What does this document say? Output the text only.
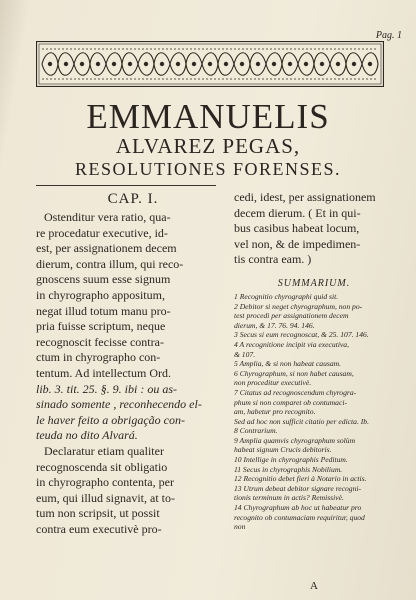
Pag. 1
EMMANUELIS
ALVAREZ PEGAS,
RESOLUTIONES FORENSES.
CAP. I.
Ostenditur vera ratio, qua-
re procedatur executive, id-
est, per assignationem decem
dierum, contra illum, qui reco-
gnoscens suum esse signum
in chyrographo appositum,
negat illud totum manu pro-
pria fuisse scriptum, neque
recognoscit fecisse contra-
ctum in chyrographo con-
tentum. Ad intellectum Ord.
lib. 3. tit. 25. §. 9. ibi : ou as-
sinado somente , reconhecendo el-
le haver feito a obrigação con-
teuda no dito Alvará.
Declaratur etiam qualiter
recognoscenda sit obligatio
in chyrographo contenta, per
eum, qui illud signavit, at to-
tum non scripsit, ut possit
contra eum executivè pro-
cedi, idest, per assignationem
decem dierum. ( Et in qui-
bus casibus habeat locum,
vel non, & de impedimen-
tis contra eam. )
SUMMARIUM.
1 Recognitio chyrographi quid sit.
2 Debitor si neget chyrographum, non po-
test procedi per assignationem decem
dierum, & 17. 76. 94. 146.
3 Secus si eum recognoscat, & 25. 107. 146.
4 A recognitione incipit via executiva,
& 107.
5 Amplia, & si non habeat causam.
6 Chyrographum, si non habet causam,
non proceditur executivè.
7 Citatus ad recognoscendum chyrogra-
phum si non comparet ob contumaci-
am, habetur pro recognito.
Sed ad hoc non sufficit citatio per edicta. Ib.
8 Contrarium.
9 Amplia quamvis chyrographum solùm
habeat signum Crucis debitoris.
10 Intellige in chyrographis Peditum.
11 Secus in chyrographis Nobilium.
12 Recognitio debet fieri à Notario in actis.
13 Utrum debeat debitor signare recogni-
tionis terminum in actis? Remissivè.
14 Chyrographum ab hoc ut habeatur pro
recognito ob contumaciam requiritur, quod
non
A
